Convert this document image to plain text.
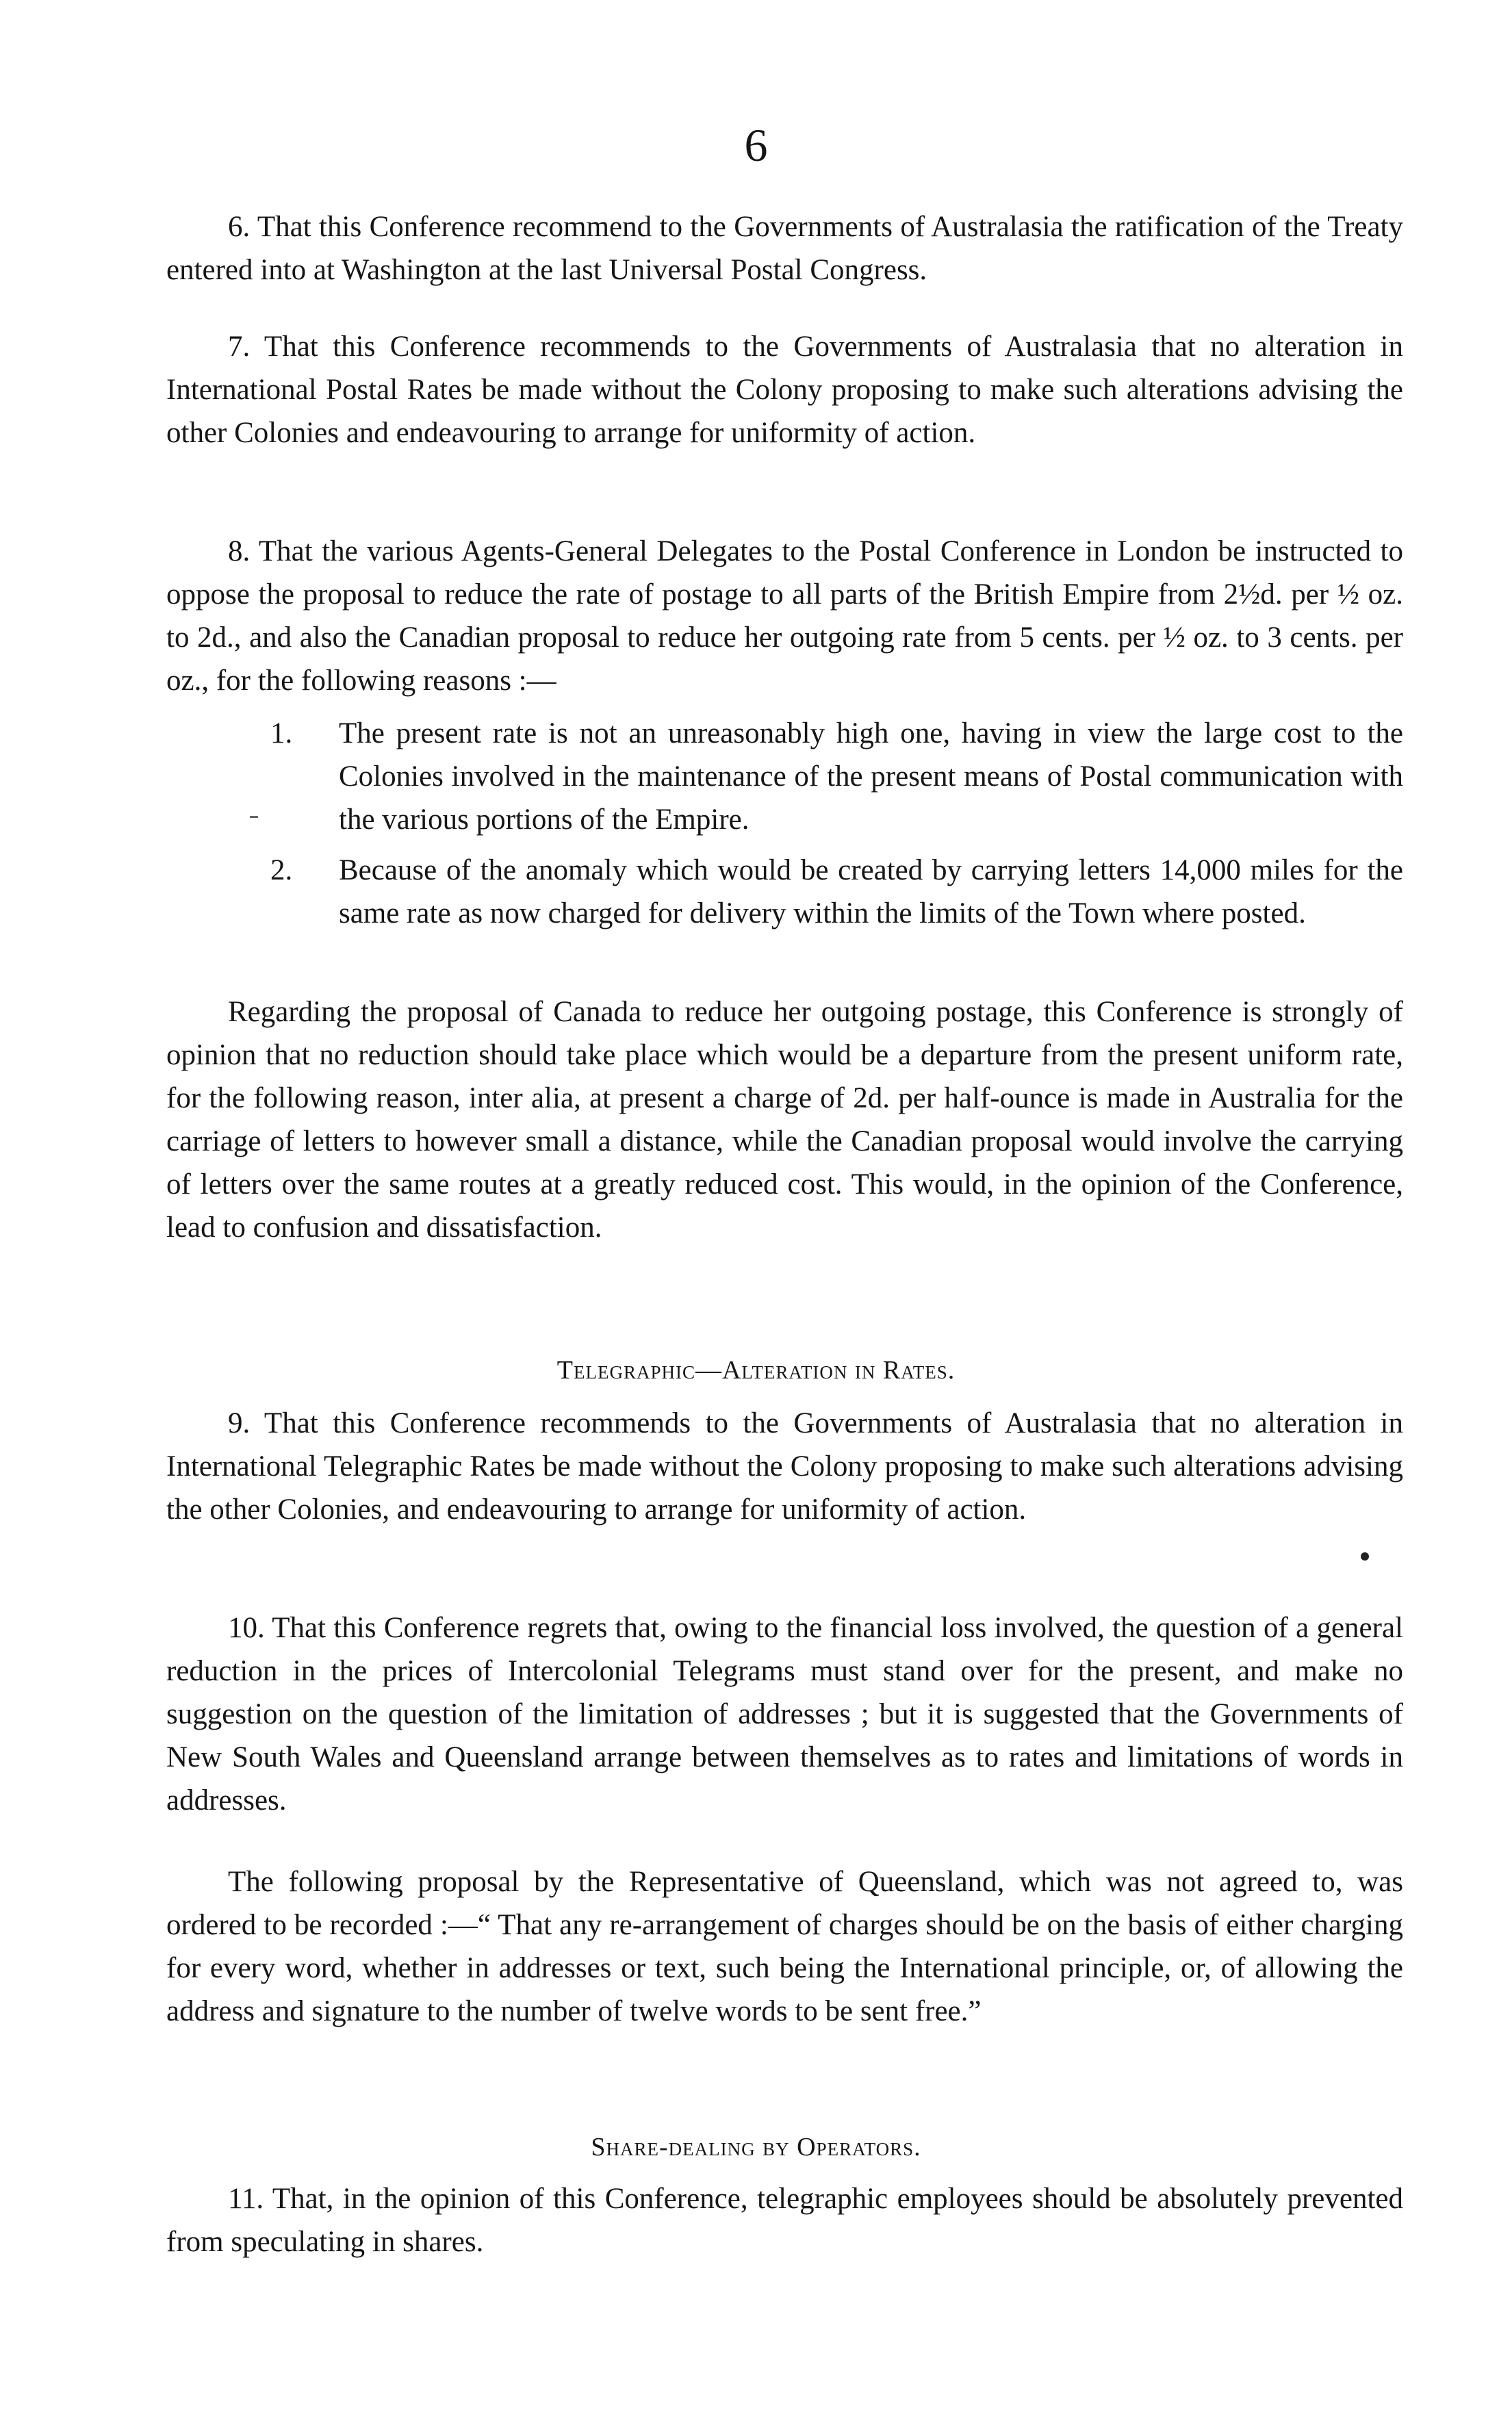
6

6. That this Conference recommend to the Governments of Australasia the ratification of the Treaty entered into at Washington at the last Universal Postal Congress.

7. That this Conference recommends to the Governments of Australasia that no alteration in International Postal Rates be made without the Colony proposing to make such alterations advising the other Colonies and endeavouring to arrange for uniformity of action.

8. That the various Agents-General Delegates to the Postal Conference in London be instructed to oppose the proposal to reduce the rate of postage to all parts of the British Empire from 2½d. per ½ oz. to 2d., and also the Canadian proposal to reduce her outgoing rate from 5 cents. per ½ oz. to 3 cents. per oz., for the following reasons :—

1. The present rate is not an unreasonably high one, having in view the large cost to the Colonies involved in the maintenance of the present means of Postal communication with the various portions of the Empire.
2. Because of the anomaly which would be created by carrying letters 14,000 miles for the same rate as now charged for delivery within the limits of the Town where posted.

Regarding the proposal of Canada to reduce her outgoing postage, this Conference is strongly of opinion that no reduction should take place which would be a departure from the present uniform rate, for the following reason, inter alia, at present a charge of 2d. per half-ounce is made in Australia for the carriage of letters to however small a distance, while the Canadian proposal would involve the carrying of letters over the same routes at a greatly reduced cost. This would, in the opinion of the Conference, lead to confusion and dissatisfaction.

Telegraphic—Alteration in Rates.

9. That this Conference recommends to the Governments of Australasia that no alteration in International Telegraphic Rates be made without the Colony proposing to make such alterations advising the other Colonies, and endeavouring to arrange for uniformity of action.

10. That this Conference regrets that, owing to the financial loss involved, the question of a general reduction in the prices of Intercolonial Telegrams must stand over for the present, and make no suggestion on the question of the limitation of addresses ; but it is suggested that the Governments of New South Wales and Queensland arrange between themselves as to rates and limitations of words in addresses.

The following proposal by the Representative of Queensland, which was not agreed to, was ordered to be recorded :—“ That any re-arrangement of charges should be on the basis of either charging for every word, whether in addresses or text, such being the International principle, or, of allowing the address and signature to the number of twelve words to be sent free.”

Share-dealing by Operators.

11. That, in the opinion of this Conference, telegraphic employees should be absolutely prevented from speculating in shares.
